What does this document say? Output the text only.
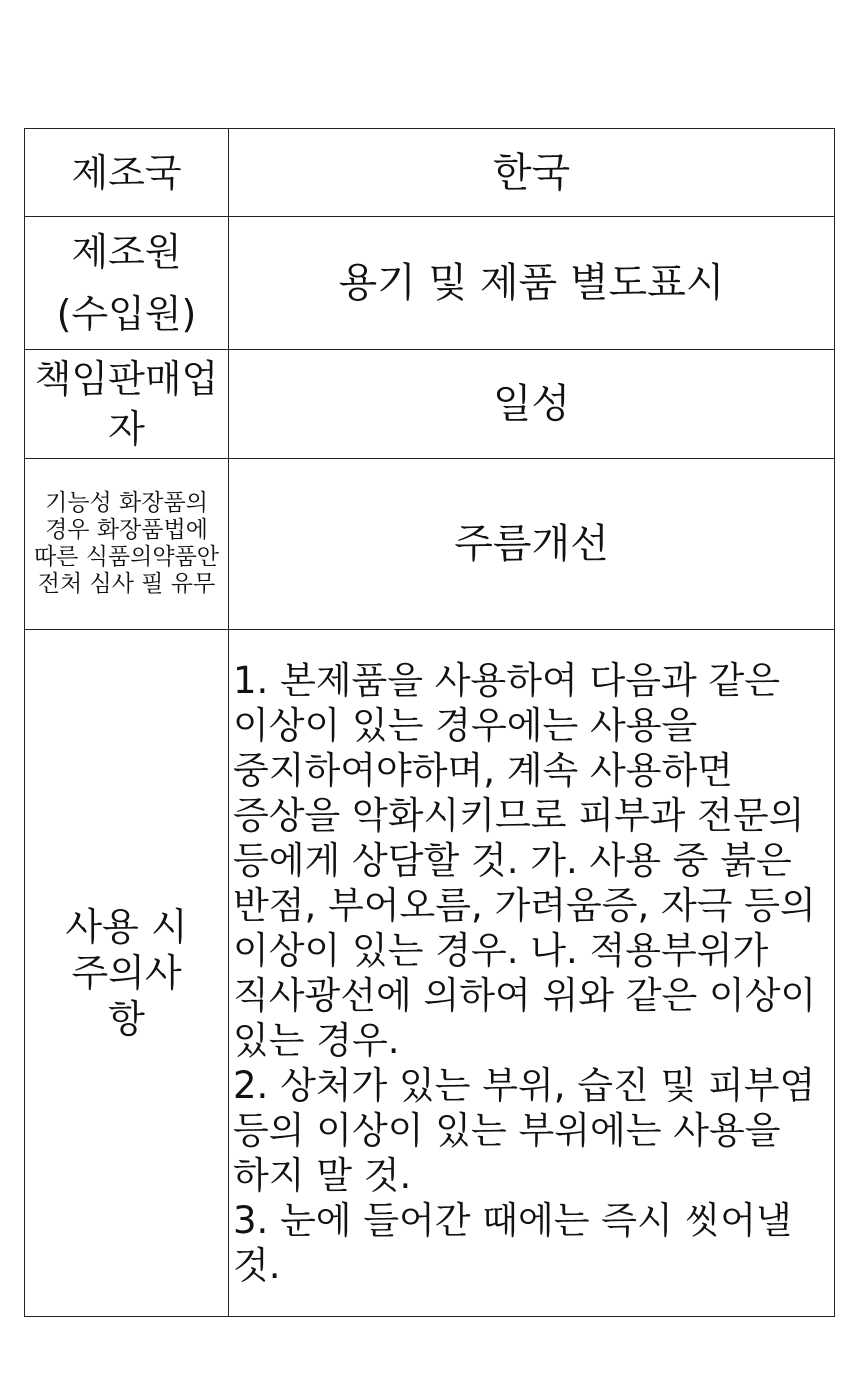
제조국	한국

제조원
(수입원)	용기 및 제품 별도표시

책임판매업자	일성

기능성 화장품의 경우 화장품법에 따른 식품의약품안전처 심사 필 유무	주름개선

사용 시 주의사항	1. 본제품을 사용하여 다음과 같은 이상이 있는 경우에는 사용을 중지하여야하며, 계속 사용하면 증상을 악화시키므로 피부과 전문의 등에게 상담할 것. 가. 사용 중 붉은 반점, 부어오름, 가려움증, 자극 등의 이상이 있는 경우. 나. 적용부위가 직사광선에 의하여 위와 같은 이상이 있는 경우.
2. 상처가 있는 부위, 습진 및 피부염 등의 이상이 있는 부위에는 사용을 하지 말 것.
3. 눈에 들어간 때에는 즉시 씻어낼 것.
